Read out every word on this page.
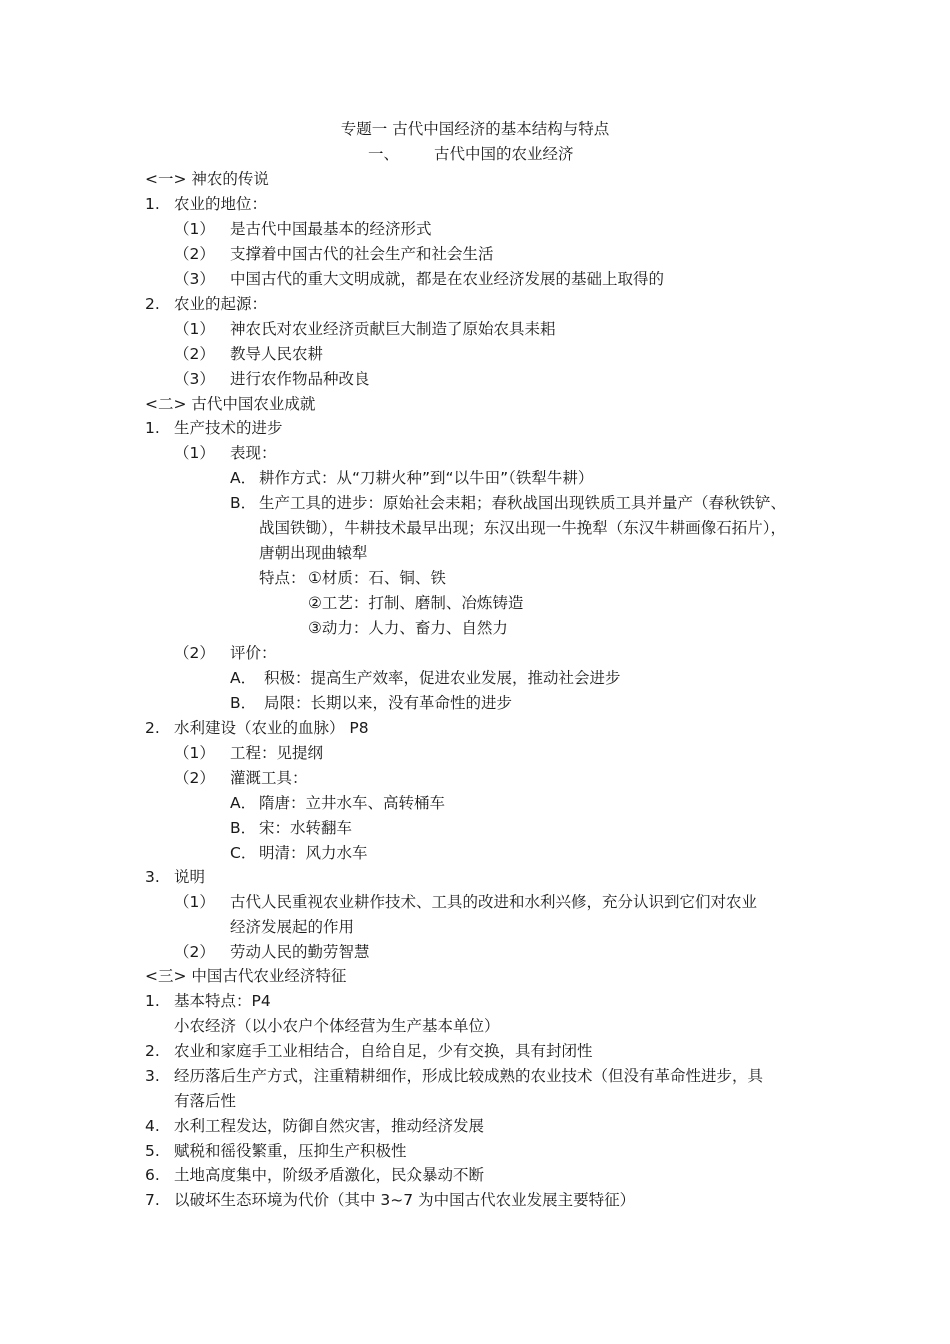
专题一 古代中国经济的基本结构与特点
一、 古代中国的农业经济
<一> 神农的传说
1. 农业的地位：
（1） 是古代中国最基本的经济形式
（2） 支撑着中国古代的社会生产和社会生活
（3） 中国古代的重大文明成就，都是在农业经济发展的基础上取得的
2. 农业的起源：
（1） 神农氏对农业经济贡献巨大制造了原始农具耒耜
（2） 教导人民农耕
（3） 进行农作物品种改良
<二> 古代中国农业成就
1. 生产技术的进步
（1） 表现：
A． 耕作方式：从“刀耕火种”到“以牛田”（铁犁牛耕）
B． 生产工具的进步：原始社会耒耜；春秋战国出现铁质工具并量产（春秋铁铲、
战国铁锄），牛耕技术最早出现；东汉出现一牛挽犁（东汉牛耕画像石拓片），
唐朝出现曲辕犁
特点： ①材质：石、铜、铁
②工艺：打制、磨制、冶炼铸造
③动力：人力、畜力、自然力
（2） 评价：
A． 积极：提高生产效率，促进农业发展，推动社会进步
B． 局限：长期以来，没有革命性的进步
2. 水利建设（农业的血脉） P8
（1） 工程：见提纲
（2） 灌溉工具：
A． 隋唐：立井水车、高转桶车
B． 宋：水转翻车
C． 明清：风力水车
3. 说明
（1） 古代人民重视农业耕作技术、工具的改进和水利兴修，充分认识到它们对农业
经济发展起的作用
（2） 劳动人民的勤劳智慧
<三> 中国古代农业经济特征
1. 基本特点：P4
小农经济（以小农户个体经营为生产基本单位）
2. 农业和家庭手工业相结合，自给自足，少有交换，具有封闭性
3. 经历落后生产方式，注重精耕细作，形成比较成熟的农业技术（但没有革命性进步，具
有落后性
4. 水利工程发达，防御自然灾害，推动经济发展
5. 赋税和徭役繁重，压抑生产积极性
6. 土地高度集中，阶级矛盾激化，民众暴动不断
7. 以破坏生态环境为代价（其中 3~7 为中国古代农业发展主要特征）
